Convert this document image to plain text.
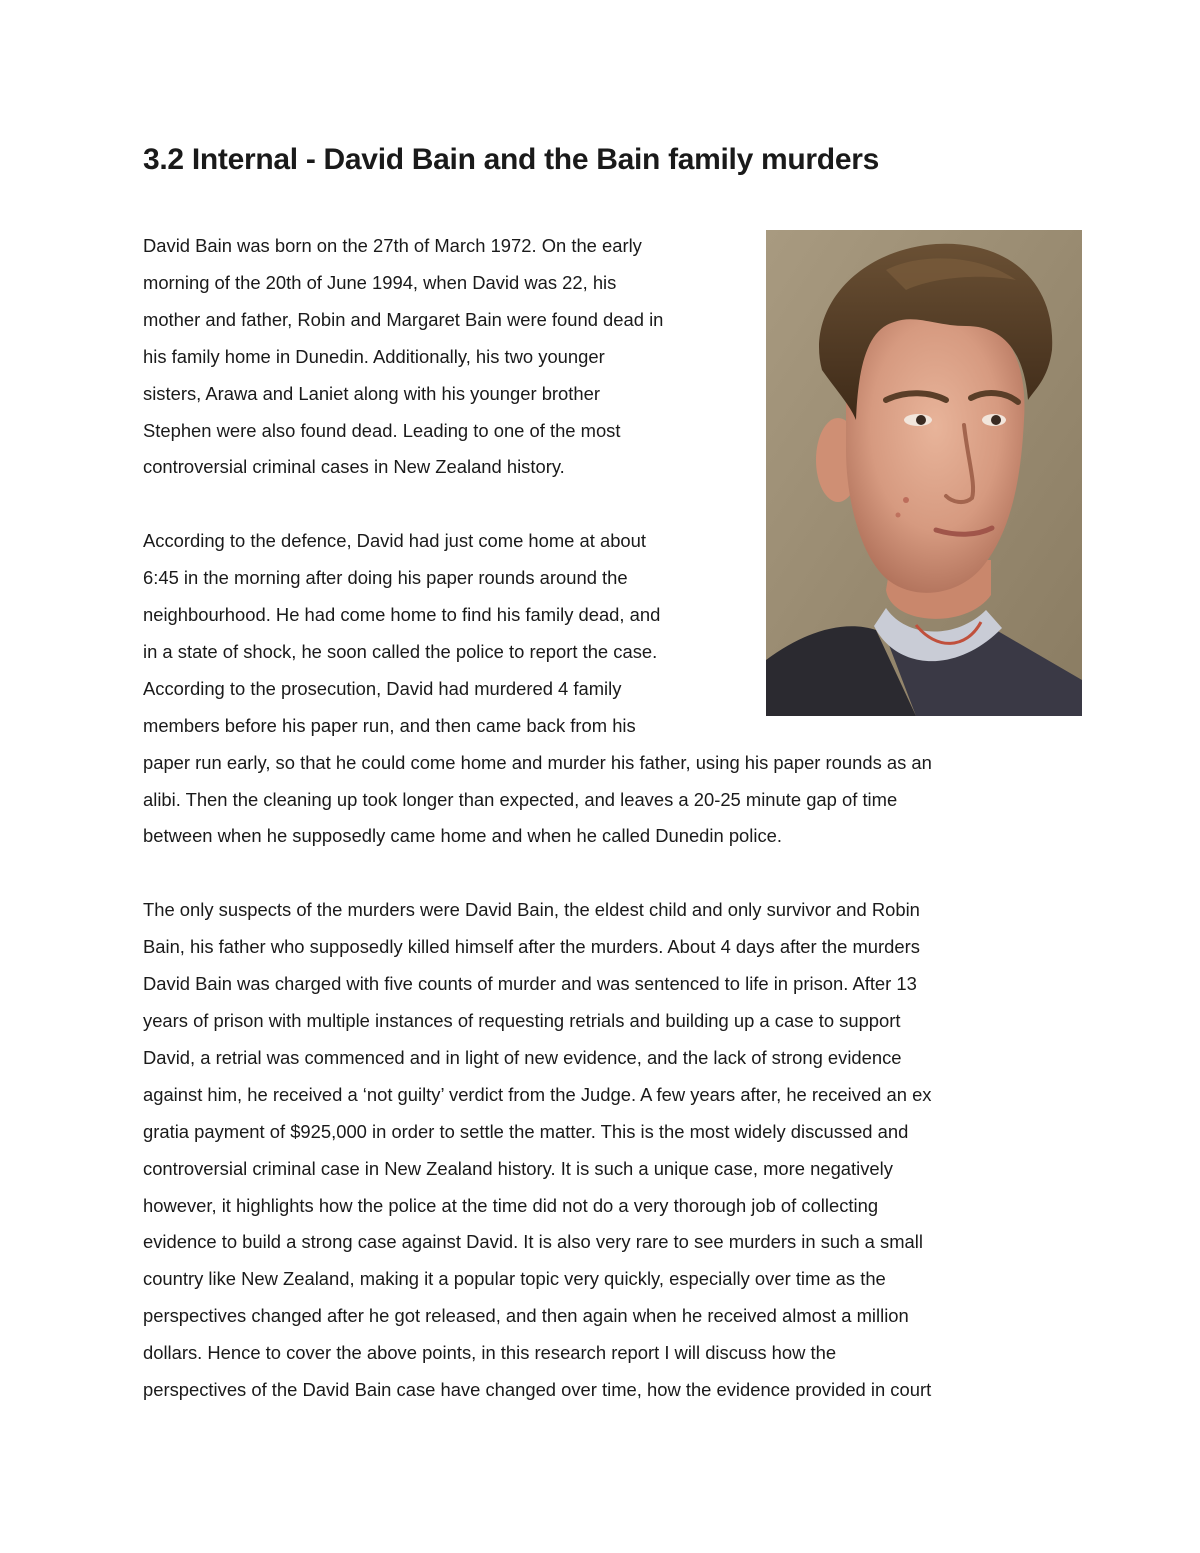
3.2 Internal - David Bain and the Bain family murders

David Bain was born on the 27th of March 1972. On the early
morning of the 20th of June 1994, when David was 22, his
mother and father, Robin and Margaret Bain were found dead in
his family home in Dunedin. Additionally, his two younger
sisters, Arawa and Laniet along with his younger brother
Stephen were also found dead. Leading to one of the most
controversial criminal cases in New Zealand history.

According to the defence, David had just come home at about
6:45 in the morning after doing his paper rounds around the
neighbourhood. He had come home to find his family dead, and
in a state of shock, he soon called the police to report the case.
According to the prosecution, David had murdered 4 family
members before his paper run, and then came back from his
paper run early, so that he could come home and murder his father, using his paper rounds as an
alibi. Then the cleaning up took longer than expected, and leaves a 20-25 minute gap of time
between when he supposedly came home and when he called Dunedin police.

The only suspects of the murders were David Bain, the eldest child and only survivor and Robin
Bain, his father who supposedly killed himself after the murders. About 4 days after the murders
David Bain was charged with five counts of murder and was sentenced to life in prison. After 13
years of prison with multiple instances of requesting retrials and building up a case to support
David, a retrial was commenced and in light of new evidence, and the lack of strong evidence
against him, he received a ‘not guilty’ verdict from the Judge. A few years after, he received an ex
gratia payment of $925,000 in order to settle the matter. This is the most widely discussed and
controversial criminal case in New Zealand history. It is such a unique case, more negatively
however, it highlights how the police at the time did not do a very thorough job of collecting
evidence to build a strong case against David. It is also very rare to see murders in such a small
country like New Zealand, making it a popular topic very quickly, especially over time as the
perspectives changed after he got released, and then again when he received almost a million
dollars. Hence to cover the above points, in this research report I will discuss how the
perspectives of the David Bain case have changed over time, how the evidence provided in court
